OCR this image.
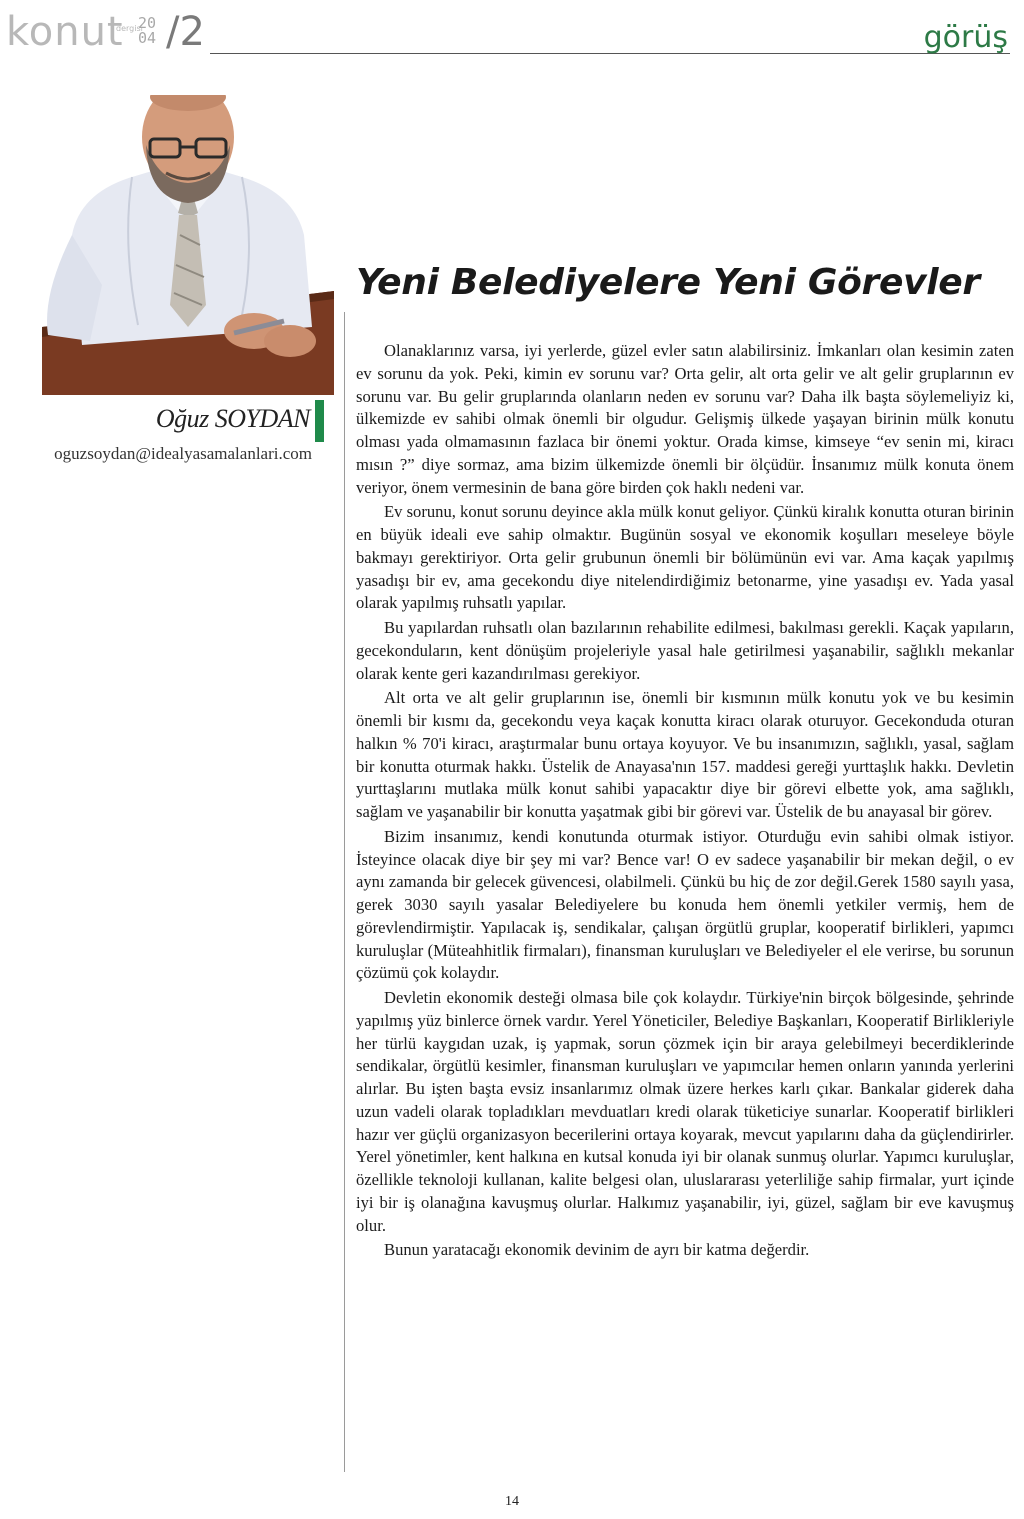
konut
dergisi
20
04 /2	görüş
Oğuz SOYDAN
oguzsoydan@idealyasamalanlari.com
Yeni Belediyelere Yeni Görevler

Olanaklarınız varsa, iyi yerlerde, güzel evler satın alabilirsiniz. İmkanları olan kesimin zaten ev sorunu da yok. Peki, kimin ev sorunu var? Orta gelir, alt orta gelir ve alt gelir gruplarının ev sorunu var. Bu gelir gruplarında olanların neden ev sorunu var? Daha ilk başta söylemeliyiz ki, ülkemizde ev sahibi olmak önemli bir olgudur. Gelişmiş ülkede yaşayan birinin mülk konutu olması yada olmamasının fazlaca bir önemi yoktur. Orada kimse, kimseye “ev senin mi, kiracı mısın ?” diye sormaz, ama bizim ülkemizde önemli bir ölçüdür. İnsanımız mülk konuta önem veriyor, önem vermesinin de bana göre birden çok haklı nedeni var.

Ev sorunu, konut sorunu deyince akla mülk konut geliyor. Çünkü kiralık konutta oturan birinin en büyük ideali eve sahip olmaktır. Bugünün sosyal ve ekonomik koşulları meseleye böyle bakmayı gerektiriyor. Orta gelir grubunun önemli bir bölümünün evi var. Ama kaçak yapılmış yasadışı bir ev, ama gecekondu diye nitelendirdiğimiz betonarme, yine yasadışı ev. Yada yasal olarak yapılmış ruhsatlı yapılar.

Bu yapılardan ruhsatlı olan bazılarının rehabilite edilmesi, bakılması gerekli. Kaçak yapıların, gecekonduların, kent dönüşüm projeleriyle yasal hale getirilmesi yaşanabilir, sağlıklı mekanlar olarak kente geri kazandırılması gerekiyor.

Alt orta ve alt gelir gruplarının ise, önemli bir kısmının mülk konutu yok ve bu kesimin önemli bir kısmı da, gecekondu veya kaçak konutta kiracı olarak oturuyor. Gecekonduda oturan halkın % 70'i kiracı, araştırmalar bunu ortaya koyuyor. Ve bu insanımızın, sağlıklı, yasal, sağlam bir konutta oturmak hakkı. Üstelik de Anayasa'nın 157. maddesi gereği yurttaşlık hakkı. Devletin yurttaşlarını mutlaka mülk konut sahibi yapacaktır diye bir görevi elbette yok, ama sağlıklı, sağlam ve yaşanabilir bir konutta yaşatmak gibi bir görevi var. Üstelik de bu anayasal bir görev.

Bizim insanımız, kendi konutunda oturmak istiyor. Oturduğu evin sahibi olmak istiyor. İsteyince olacak diye bir şey mi var? Bence var! O ev sadece yaşanabilir bir mekan değil, o ev aynı zamanda bir gelecek güvencesi, olabilmeli. Çünkü bu hiç de zor değil.Gerek 1580 sayılı yasa, gerek 3030 sayılı yasalar Belediyelere bu konuda hem önemli yetkiler vermiş, hem de görevlendirmiştir. Yapılacak iş, sendikalar, çalışan örgütlü gruplar, kooperatif birlikleri, yapımcı kuruluşlar (Müteahhitlik firmaları), finansman kuruluşları ve Belediyeler el ele verirse, bu sorunun çözümü çok kolaydır.

Devletin ekonomik desteği olmasa bile çok kolaydır. Türkiye'nin birçok bölgesinde, şehrinde yapılmış yüz binlerce örnek vardır. Yerel Yöneticiler, Belediye Başkanları, Kooperatif Birlikleriyle her türlü kaygıdan uzak, iş yapmak, sorun çözmek için bir araya gelebilmeyi becerdiklerinde sendikalar, örgütlü kesimler, finansman kuruluşları ve yapımcılar hemen onların yanında yerlerini alırlar. Bu işten başta evsiz insanlarımız olmak üzere herkes karlı çıkar. Bankalar giderek daha uzun vadeli olarak topladıkları mevduatları kredi olarak tüketiciye sunarlar. Kooperatif birlikleri hazır ver güçlü organizasyon becerilerini ortaya koyarak, mevcut yapılarını daha da güçlendirirler. Yerel yönetimler, kent halkına en kutsal konuda iyi bir olanak sunmuş olurlar. Yapımcı kuruluşlar, özellikle teknoloji kullanan, kalite belgesi olan, uluslararası yeterliliğe sahip firmalar, yurt içinde iyi bir iş olanağına kavuşmuş olurlar. Halkımız yaşanabilir, iyi, güzel, sağlam bir eve kavuşmuş olur.

Bunun yaratacağı ekonomik devinim de ayrı bir katma değerdir.

14
